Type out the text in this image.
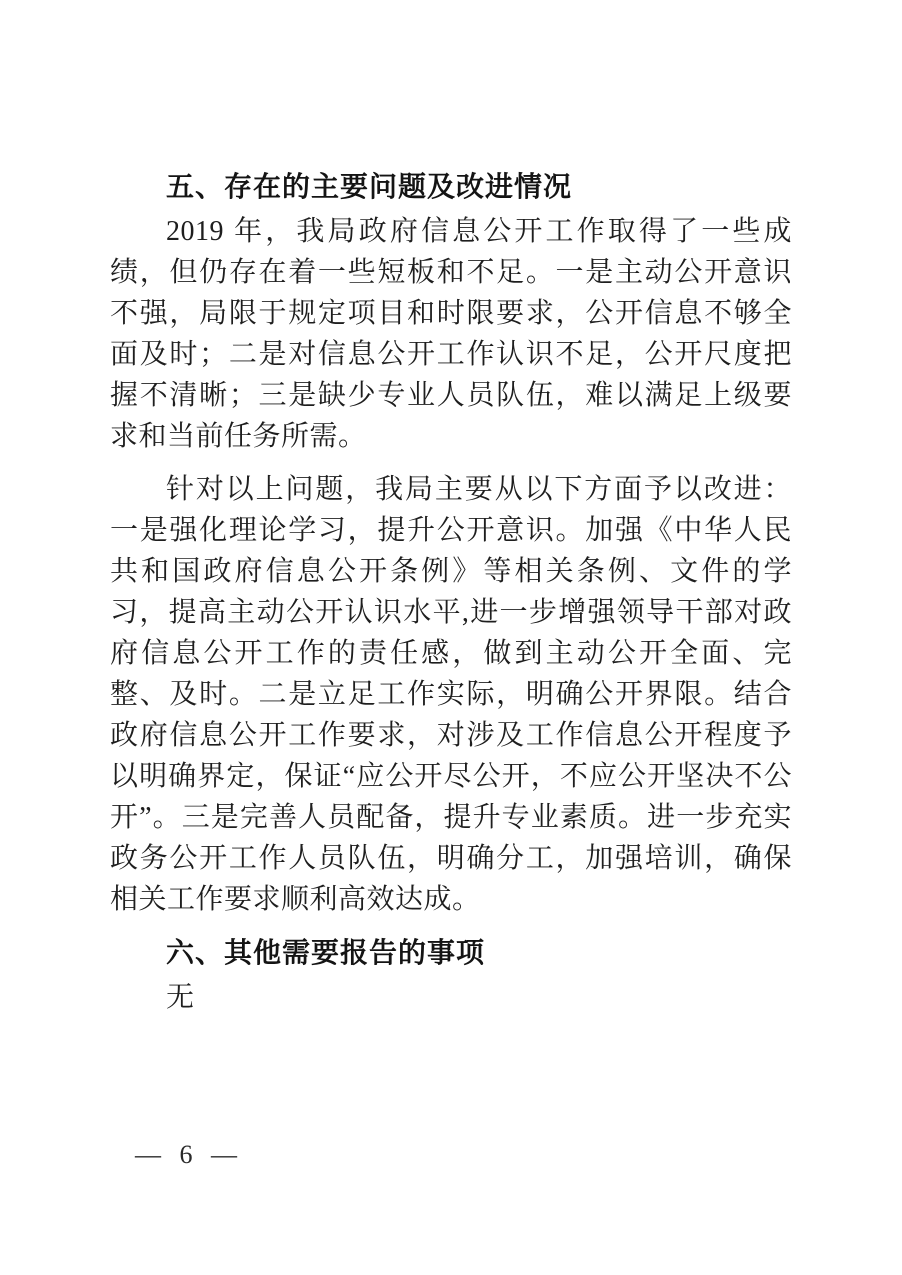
五、存在的主要问题及改进情况

2019 年，我局政府信息公开工作取得了一些成绩，但仍存在着一些短板和不足。一是主动公开意识不强，局限于规定项目和时限要求，公开信息不够全面及时；二是对信息公开工作认识不足，公开尺度把握不清晰；三是缺少专业人员队伍，难以满足上级要求和当前任务所需。

针对以上问题，我局主要从以下方面予以改进：一是强化理论学习，提升公开意识。加强《中华人民共和国政府信息公开条例》等相关条例、文件的学习，提高主动公开认识水平,进一步增强领导干部对政府信息公开工作的责任感，做到主动公开全面、完整、及时。二是立足工作实际，明确公开界限。结合政府信息公开工作要求，对涉及工作信息公开程度予以明确界定，保证“应公开尽公开，不应公开坚决不公开”。三是完善人员配备，提升专业素质。进一步充实政务公开工作人员队伍，明确分工，加强培训，确保相关工作要求顺利高效达成。

六、其他需要报告的事项

无

— 6 —
